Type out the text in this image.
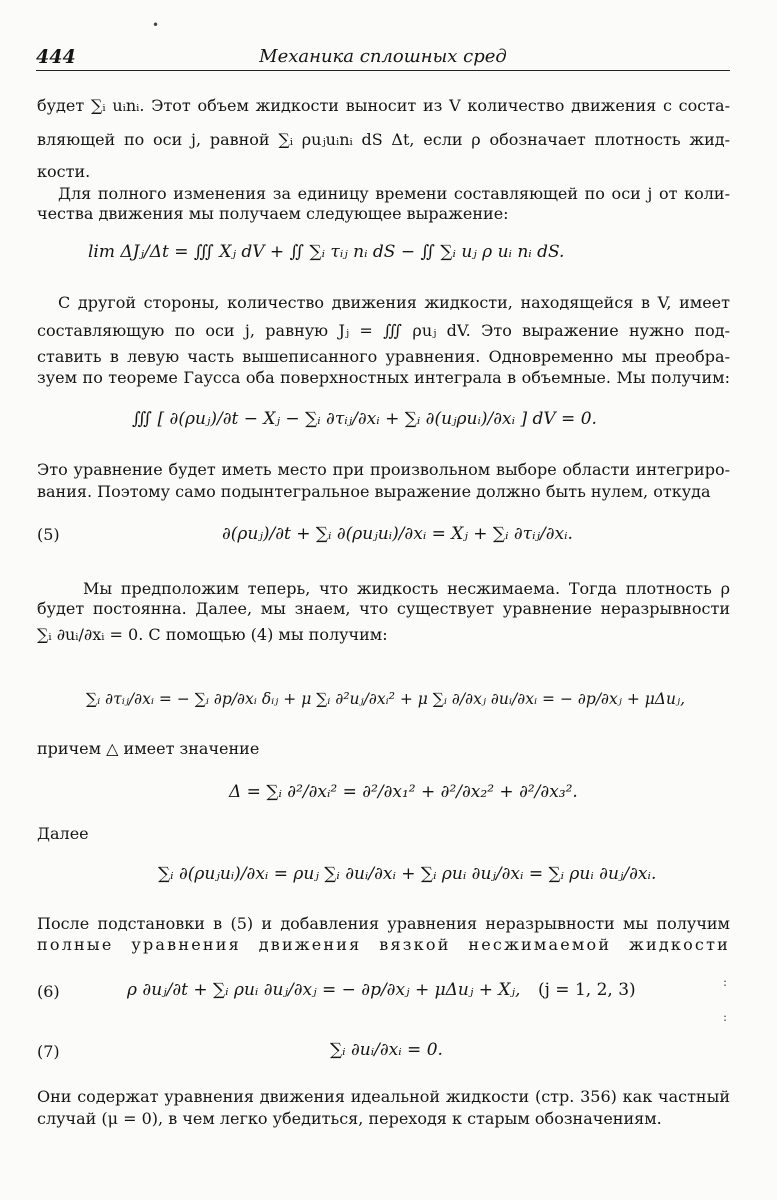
444	Механика сплошных сред
будет ∑ᵢ uᵢnᵢ. Этот объем жидкости выносит из V количество движения с соста-
вляющей по оси j, равной ∑ᵢ ρuⱼuᵢnᵢ dS Δt, если ρ обозначает плотность жид-
кости.
Для полного изменения за единицу времени составляющей по оси j от коли-
чества движения мы получаем следующее выражение:
lim ΔJⱼ/Δt = ∭ Xⱼ dV + ∬ ∑ᵢ τᵢⱼ nᵢ dS − ∬ ∑ᵢ uⱼ ρ uᵢ nᵢ dS.
С другой стороны, количество движения жидкости, находящейся в V, имеет
составляющую по оси j, равную Jⱼ = ∭ ρuⱼ dV. Это выражение нужно под-
ставить в левую часть вышеписанного уравнения. Одновременно мы преобра-
зуем по теореме Гаусса оба поверхностных интеграла в объемные. Мы получим:
∭ [ ∂(ρuⱼ)/∂t − Xⱼ − ∑ᵢ ∂τᵢⱼ/∂xᵢ + ∑ᵢ ∂(uⱼρuᵢ)/∂xᵢ ] dV = 0.
Это уравнение будет иметь место при произвольном выборе области интегриро-
вания. Поэтому само подынтегральное выражение должно быть нулем, откуда
(5)	∂(ρuⱼ)/∂t + ∑ᵢ ∂(ρuⱼuᵢ)/∂xᵢ = Xⱼ + ∑ᵢ ∂τᵢⱼ/∂xᵢ.
Мы предположим теперь, что жидкость несжимаема. Тогда плотность ρ
будет постоянна. Далее, мы знаем, что существует уравнение неразрывности
∑ᵢ ∂uᵢ/∂xᵢ = 0. С помощью (4) мы получим:
∑ᵢ ∂τᵢⱼ/∂xᵢ = − ∑ᵢ ∂p/∂xᵢ δᵢⱼ + μ ∑ᵢ ∂²uⱼ/∂xᵢ² + μ ∑ᵢ ∂/∂xⱼ ∂uᵢ/∂xᵢ = − ∂p/∂xⱼ + μΔuⱼ,
причем △ имеет значение
Δ = ∑ᵢ ∂²/∂xᵢ² = ∂²/∂x₁² + ∂²/∂x₂² + ∂²/∂x₃².
Далее
∑ᵢ ∂(ρuⱼuᵢ)/∂xᵢ = ρuⱼ ∑ᵢ ∂uᵢ/∂xᵢ + ∑ᵢ ρuᵢ ∂uⱼ/∂xᵢ = ∑ᵢ ρuᵢ ∂uⱼ/∂xᵢ.
После подстановки в (5) и добавления уравнения неразрывности мы получим
полные уравнения движения вязкой несжимаемой жидкости
(6)	ρ ∂uⱼ/∂t + ∑ᵢ ρuᵢ ∂uⱼ/∂xⱼ = − ∂p/∂xⱼ + μΔuⱼ + Xⱼ, (j = 1, 2, 3)
(7)	∑ᵢ ∂uᵢ/∂xᵢ = 0.
Они содержат уравнения движения идеальной жидкости (стр. 356) как частный
случай (μ = 0), в чем легко убедиться, переходя к старым обозначениям.
•
:
:
